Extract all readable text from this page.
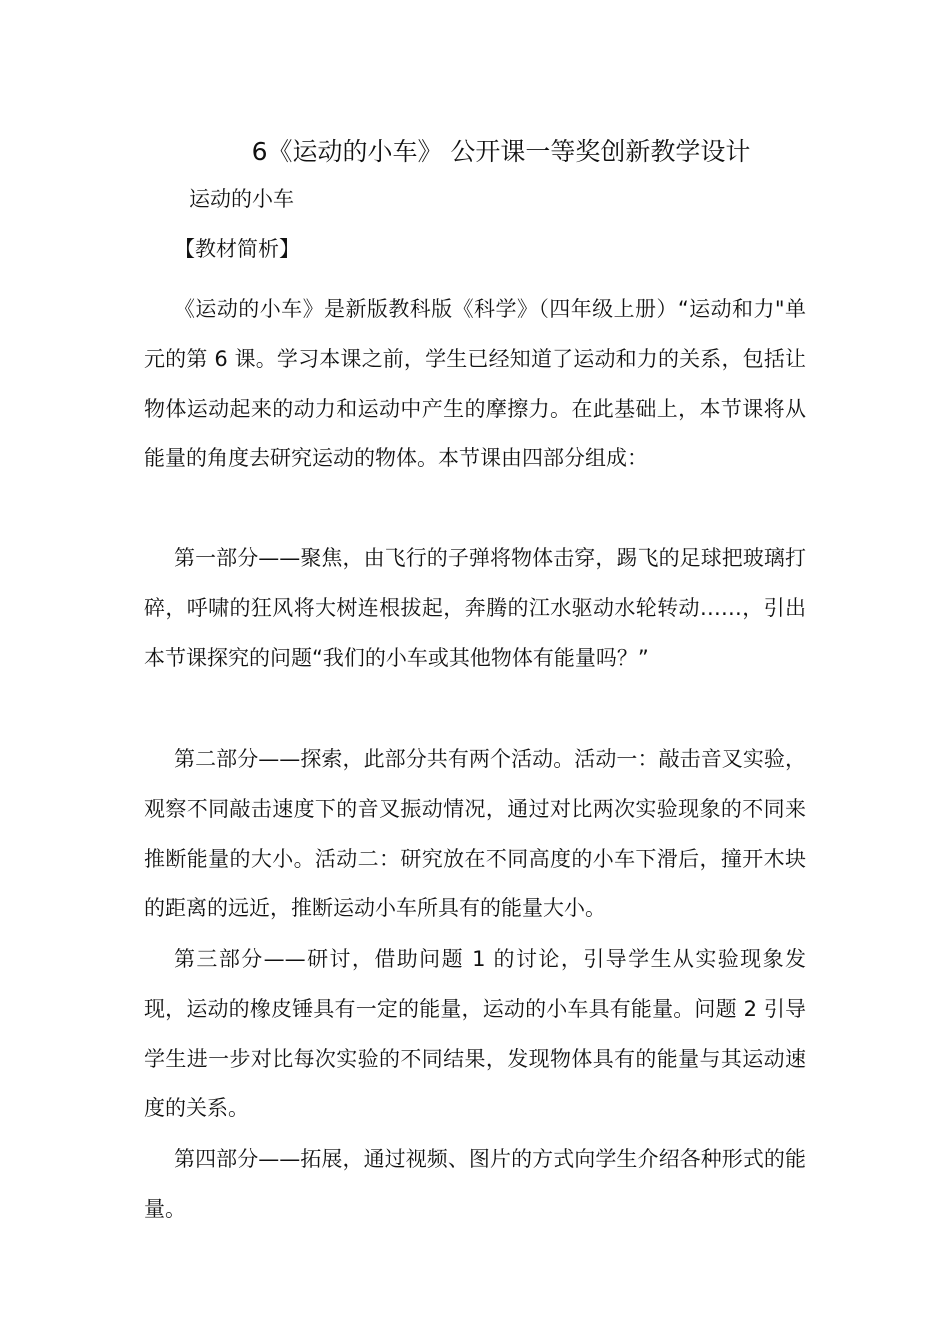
6《运动的小车》 公开课一等奖创新教学设计
运动的小车
【教材简析】

《运动的小车》是新版教科版《科学》（四年级上册）“运动和力"单元的第 6 课。学习本课之前，学生已经知道了运动和力的关系，包括让物体运动起来的动力和运动中产生的摩擦力。在此基础上，本节课将从能量的角度去研究运动的物体。本节课由四部分组成：

第一部分——聚焦，由飞行的子弹将物体击穿，踢飞的足球把玻璃打碎，呼啸的狂风将大树连根拔起，奔腾的江水驱动水轮转动……，引出本节课探究的问题“我们的小车或其他物体有能量吗？”

第二部分——探索，此部分共有两个活动。活动一：敲击音叉实验，观察不同敲击速度下的音叉振动情况，通过对比两次实验现象的不同来推断能量的大小。活动二：研究放在不同高度的小车下滑后，撞开木块的距离的远近，推断运动小车所具有的能量大小。

第三部分——研讨，借助问题 1 的讨论，引导学生从实验现象发现，运动的橡皮锤具有一定的能量，运动的小车具有能量。问题 2 引导学生进一步对比每次实验的不同结果，发现物体具有的能量与其运动速度的关系。

第四部分——拓展，通过视频、图片的方式向学生介绍各种形式的能量。
